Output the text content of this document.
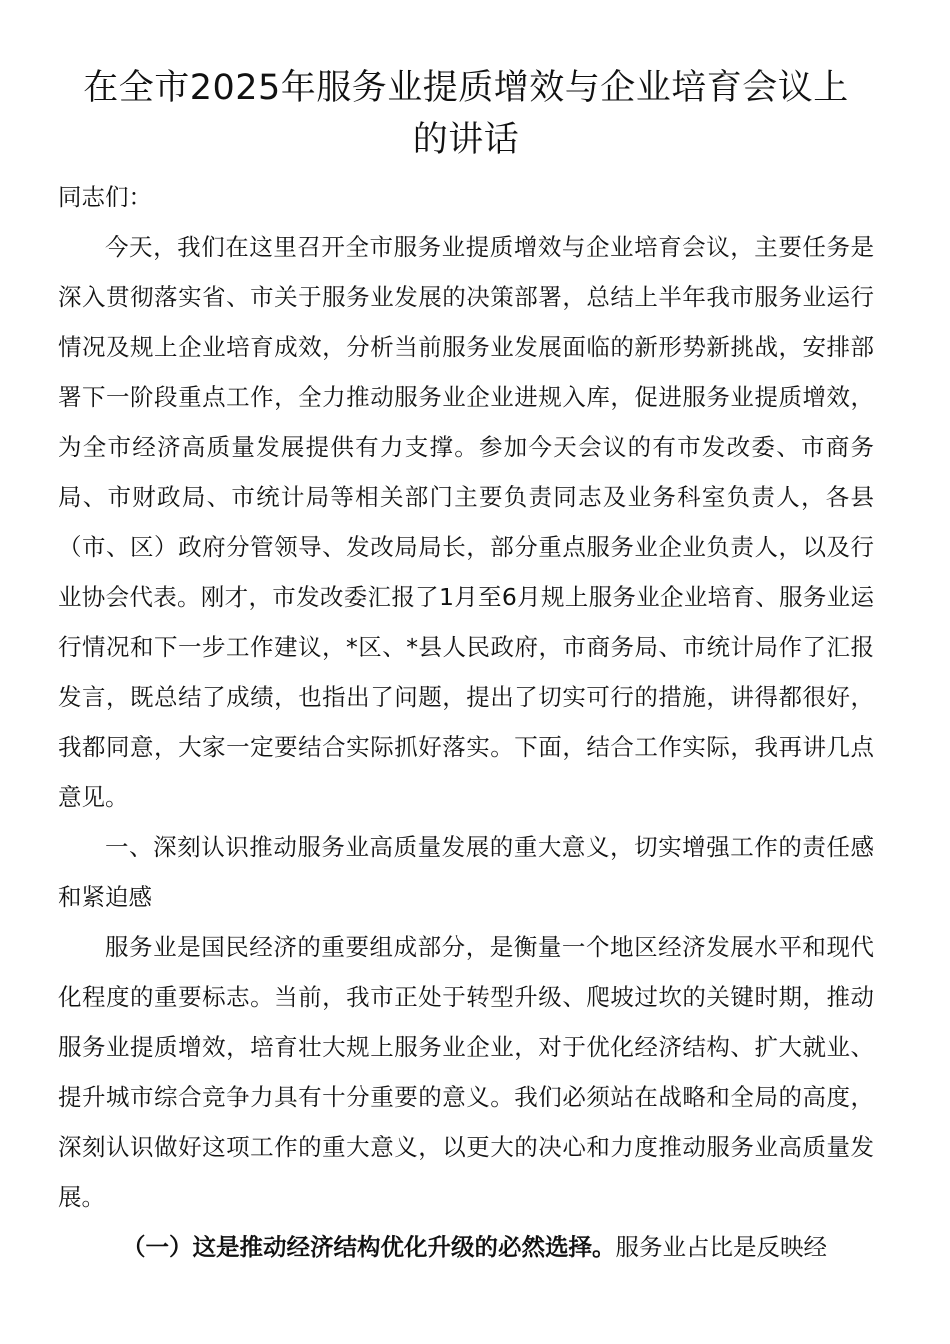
在全市2025年服务业提质增效与企业培育会议上的讲话

同志们：

今天，我们在这里召开全市服务业提质增效与企业培育会议，主要任务是深入贯彻落实省、市关于服务业发展的决策部署，总结上半年我市服务业运行情况及规上企业培育成效，分析当前服务业发展面临的新形势新挑战，安排部署下一阶段重点工作，全力推动服务业企业进规入库，促进服务业提质增效，为全市经济高质量发展提供有力支撑。参加今天会议的有市发改委、市商务局、市财政局、市统计局等相关部门主要负责同志及业务科室负责人，各县（市、区）政府分管领导、发改局局长，部分重点服务业企业负责人，以及行业协会代表。刚才，市发改委汇报了1月至6月规上服务业企业培育、服务业运行情况和下一步工作建议，*区、*县人民政府，市商务局、市统计局作了汇报发言，既总结了成绩，也指出了问题，提出了切实可行的措施，讲得都很好，我都同意，大家一定要结合实际抓好落实。下面，结合工作实际，我再讲几点意见。

一、深刻认识推动服务业高质量发展的重大意义，切实增强工作的责任感和紧迫感

服务业是国民经济的重要组成部分，是衡量一个地区经济发展水平和现代化程度的重要标志。当前，我市正处于转型升级、爬坡过坎的关键时期，推动服务业提质增效，培育壮大规上服务业企业，对于优化经济结构、扩大就业、提升城市综合竞争力具有十分重要的意义。我们必须站在战略和全局的高度，深刻认识做好这项工作的重大意义，以更大的决心和力度推动服务业高质量发展。

（一）这是推动经济结构优化升级的必然选择。服务业占比是反映经
